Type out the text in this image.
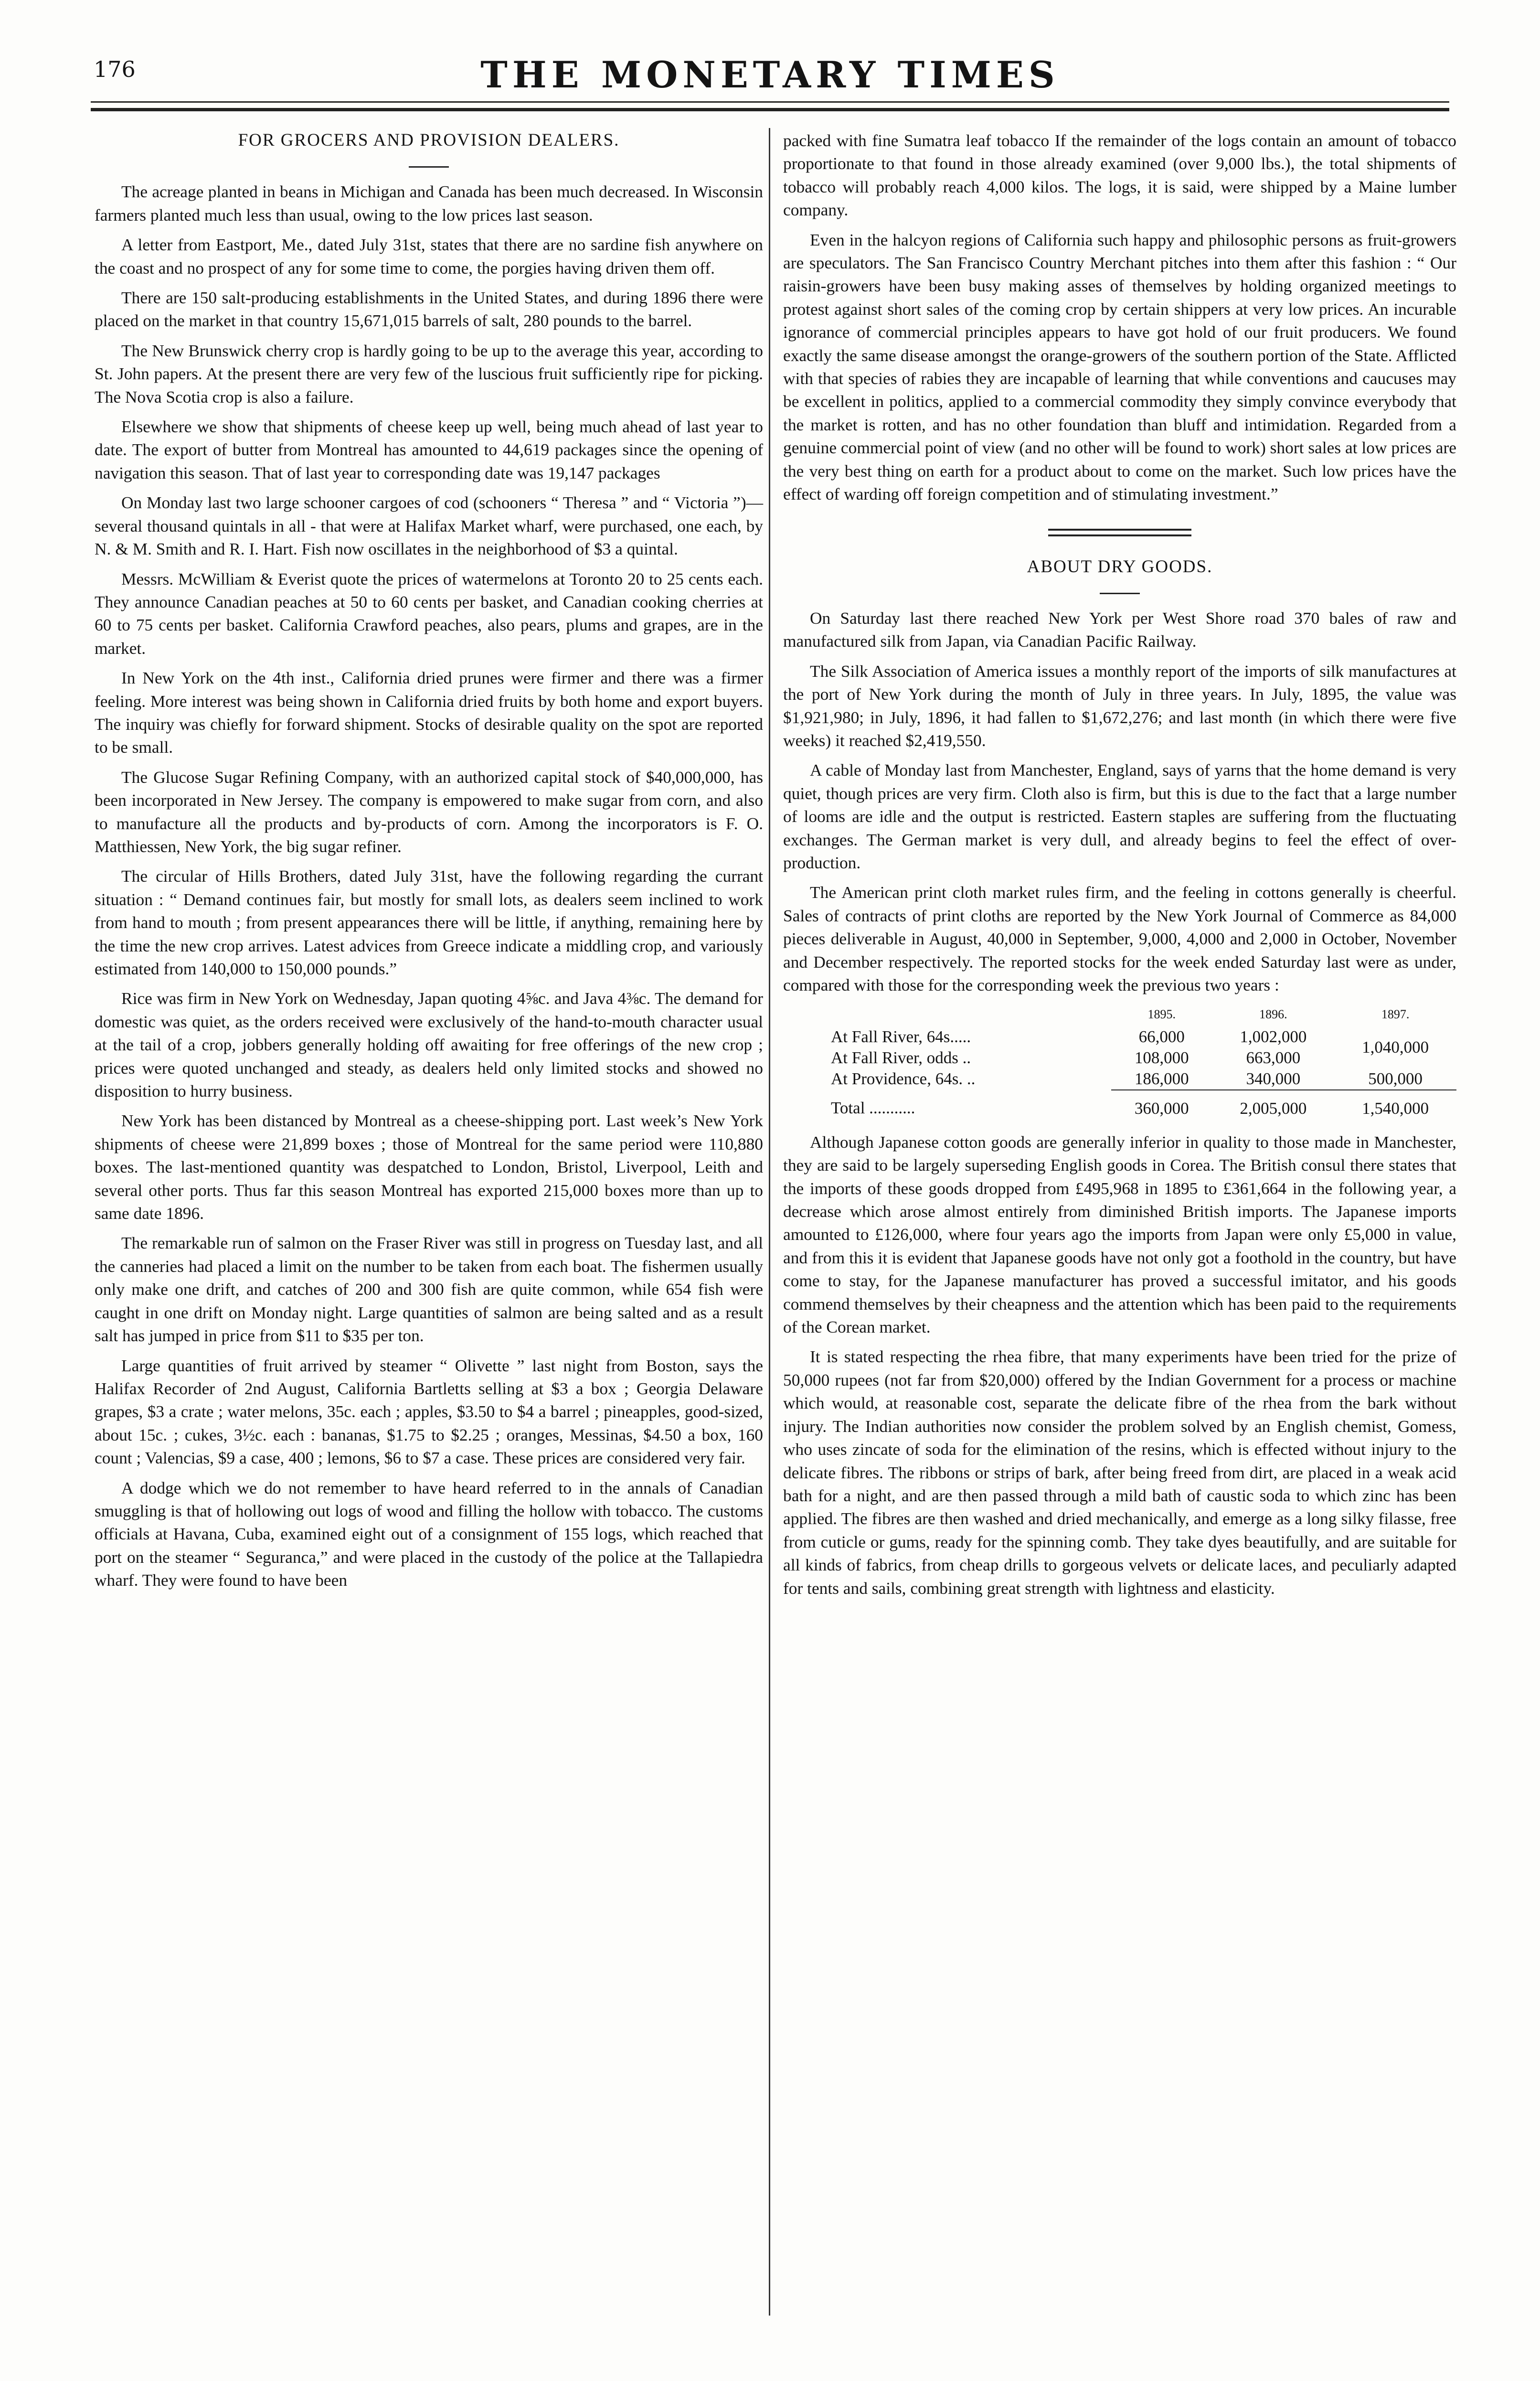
176	THE MONETARY TIMES
FOR GROCERS AND PROVISION DEALERS.

The acreage planted in beans in Michigan and Canada has been much decreased. In Wisconsin farmers planted much less than usual, owing to the low prices last season.

A letter from Eastport, Me., dated July 31st, states that there are no sardine fish anywhere on the coast and no prospect of any for some time to come, the porgies having driven them off.

There are 150 salt-producing establishments in the United States, and during 1896 there were placed on the market in that country 15,671,015 barrels of salt, 280 pounds to the barrel.

The New Brunswick cherry crop is hardly going to be up to the average this year, according to St. John papers. At the present there are very few of the luscious fruit sufficiently ripe for picking. The Nova Scotia crop is also a failure.

Elsewhere we show that shipments of cheese keep up well, being much ahead of last year to date. The export of butter from Montreal has amounted to 44,619 packages since the opening of navigation this season. That of last year to corresponding date was 19,147 packages

On Monday last two large schooner cargoes of cod (schooners “ Theresa ” and “ Victoria ”)—several thousand quintals in all - that were at Halifax Market wharf, were purchased, one each, by N. & M. Smith and R. I. Hart. Fish now oscillates in the neighborhood of $3 a quintal.

Messrs. McWilliam & Everist quote the prices of watermelons at Toronto 20 to 25 cents each. They announce Canadian peaches at 50 to 60 cents per basket, and Canadian cooking cherries at 60 to 75 cents per basket. California Crawford peaches, also pears, plums and grapes, are in the market.

In New York on the 4th inst., California dried prunes were firmer and there was a firmer feeling. More interest was being shown in California dried fruits by both home and export buyers. The inquiry was chiefly for forward shipment. Stocks of desirable quality on the spot are reported to be small.

The Glucose Sugar Refining Company, with an authorized capital stock of $40,000,000, has been incorporated in New Jersey. The company is empowered to make sugar from corn, and also to manufacture all the products and by-products of corn. Among the incorporators is F. O. Matthiessen, New York, the big sugar refiner.

The circular of Hills Brothers, dated July 31st, have the following regarding the currant situation : “ Demand continues fair, but mostly for small lots, as dealers seem inclined to work from hand to mouth ; from present appearances there will be little, if anything, remaining here by the time the new crop arrives. Latest advices from Greece indicate a middling crop, and variously estimated from 140,000 to 150,000 pounds.”

Rice was firm in New York on Wednesday, Japan quoting 4⅝c. and Java 4⅜c. The demand for domestic was quiet, as the orders received were exclusively of the hand-to-mouth character usual at the tail of a crop, jobbers generally holding off awaiting for free offerings of the new crop ; prices were quoted unchanged and steady, as dealers held only limited stocks and showed no disposition to hurry business.

New York has been distanced by Montreal as a cheese-shipping port. Last week’s New York shipments of cheese were 21,899 boxes ; those of Montreal for the same period were 110,880 boxes. The last-mentioned quantity was despatched to London, Bristol, Liverpool, Leith and several other ports. Thus far this season Montreal has exported 215,000 boxes more than up to same date 1896.

The remarkable run of salmon on the Fraser River was still in progress on Tuesday last, and all the canneries had placed a limit on the number to be taken from each boat. The fishermen usually only make one drift, and catches of 200 and 300 fish are quite common, while 654 fish were caught in one drift on Monday night. Large quantities of salmon are being salted and as a result salt has jumped in price from $11 to $35 per ton.

Large quantities of fruit arrived by steamer “ Olivette ” last night from Boston, says the Halifax Recorder of 2nd August, California Bartletts selling at $3 a box ; Georgia Delaware grapes, $3 a crate ; water melons, 35c. each ; apples, $3.50 to $4 a barrel ; pineapples, good-sized, about 15c. ; cukes, 3½c. each : bananas, $1.75 to $2.25 ; oranges, Messinas, $4.50 a box, 160 count ; Valencias, $9 a case, 400 ; lemons, $6 to $7 a case. These prices are considered very fair.

A dodge which we do not remember to have heard referred to in the annals of Canadian smuggling is that of hollowing out logs of wood and filling the hollow with tobacco. The customs officials at Havana, Cuba, examined eight out of a consignment of 155 logs, which reached that port on the steamer “ Seguranca,” and were placed in the custody of the police at the Tallapiedra wharf. They were found to have been

packed with fine Sumatra leaf tobacco If the remainder of the logs contain an amount of tobacco proportionate to that found in those already examined (over 9,000 lbs.), the total shipments of tobacco will probably reach 4,000 kilos. The logs, it is said, were shipped by a Maine lumber company.

Even in the halcyon regions of California such happy and philosophic persons as fruit-growers are speculators. The San Francisco Country Merchant pitches into them after this fashion : “ Our raisin-growers have been busy making asses of themselves by holding organized meetings to protest against short sales of the coming crop by certain shippers at very low prices. An incurable ignorance of commercial principles appears to have got hold of our fruit producers. We found exactly the same disease amongst the orange-growers of the southern portion of the State. Afflicted with that species of rabies they are incapable of learning that while conventions and caucuses may be excellent in politics, applied to a commercial commodity they simply convince everybody that the market is rotten, and has no other foundation than bluff and intimidation. Regarded from a genuine commercial point of view (and no other will be found to work) short sales at low prices are the very best thing on earth for a product about to come on the market. Such low prices have the effect of warding off foreign competition and of stimulating investment.”

ABOUT DRY GOODS.

On Saturday last there reached New York per West Shore road 370 bales of raw and manufactured silk from Japan, via Canadian Pacific Railway.

The Silk Association of America issues a monthly report of the imports of silk manufactures at the port of New York during the month of July in three years. In July, 1895, the value was $1,921,980; in July, 1896, it had fallen to $1,672,276; and last month (in which there were five weeks) it reached $2,419,550.

A cable of Monday last from Manchester, England, says of yarns that the home demand is very quiet, though prices are very firm. Cloth also is firm, but this is due to the fact that a large number of looms are idle and the output is restricted. Eastern staples are suffering from the fluctuating exchanges. The German market is very dull, and already begins to feel the effect of over-production.

The American print cloth market rules firm, and the feeling in cottons generally is cheerful. Sales of contracts of print cloths are reported by the New York Journal of Commerce as 84,000 pieces deliverable in August, 40,000 in September, 9,000, 4,000 and 2,000 in October, November and December respectively. The reported stocks for the week ended Saturday last were as under, compared with those for the corresponding week the previous two years :

	1895.	1896.	1897.
At Fall River, 64s.....	66,000	1,002,000	1,040,000
At Fall River, odds ..	108,000	663,000	
At Providence, 64s. ..	186,000	340,000	500,000
Total ...........	360,000	2,005,000	1,540,000

Although Japanese cotton goods are generally inferior in quality to those made in Manchester, they are said to be largely superseding English goods in Corea. The British consul there states that the imports of these goods dropped from £495,968 in 1895 to £361,664 in the following year, a decrease which arose almost entirely from diminished British imports. The Japanese imports amounted to £126,000, where four years ago the imports from Japan were only £5,000 in value, and from this it is evident that Japanese goods have not only got a foothold in the country, but have come to stay, for the Japanese manufacturer has proved a successful imitator, and his goods commend themselves by their cheapness and the attention which has been paid to the requirements of the Corean market.

It is stated respecting the rhea fibre, that many experiments have been tried for the prize of 50,000 rupees (not far from $20,000) offered by the Indian Government for a process or machine which would, at reasonable cost, separate the delicate fibre of the rhea from the bark without injury. The Indian authorities now consider the problem solved by an English chemist, Gomess, who uses zincate of soda for the elimination of the resins, which is effected without injury to the delicate fibres. The ribbons or strips of bark, after being freed from dirt, are placed in a weak acid bath for a night, and are then passed through a mild bath of caustic soda to which zinc has been applied. The fibres are then washed and dried mechanically, and emerge as a long silky filasse, free from cuticle or gums, ready for the spinning comb. They take dyes beautifully, and are suitable for all kinds of fabrics, from cheap drills to gorgeous velvets or delicate laces, and peculiarly adapted for tents and sails, combining great strength with lightness and elasticity.
